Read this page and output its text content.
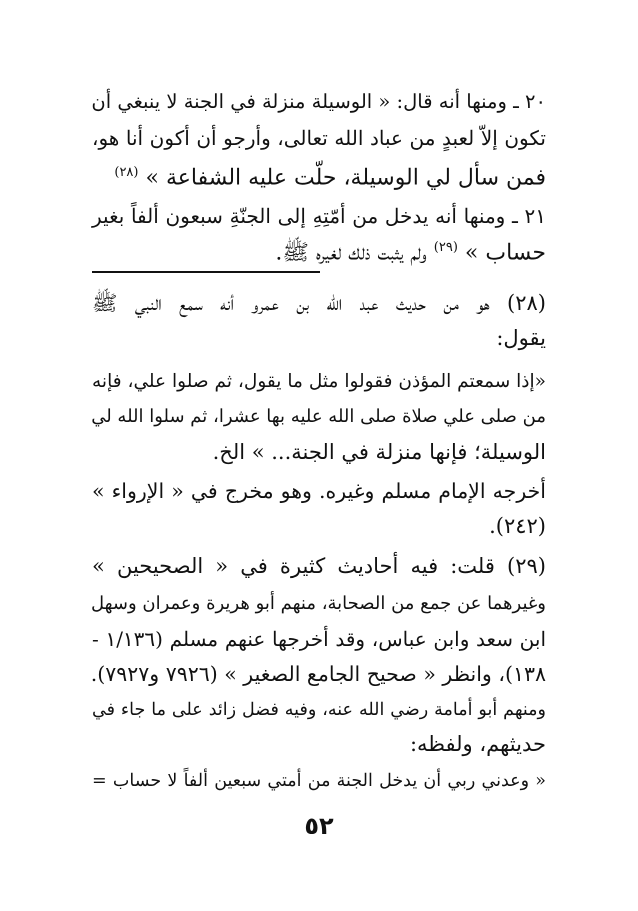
٢٠ ـ ومنها أنه قال: « الوسيلة منزلة في الجنة لا ينبغي أن
تكون إلاّ لعبدٍ من عباد الله تعالى، وأرجو أن أكون أنا هو،
فمن سأل لي الوسيلة، حلّت عليه الشفاعة » $^{(٢٨)}$
٢١ ـ ومنها أنه يدخل من أمّتِهِ إلى الجنّةِ سبعون ألفاً بغير
حساب » $^{(٢٩)}$ ولم يثبت ذلك لغيره ﷺ.
(٢٨) هو من حديث عبد الله بن عمرو أنه سمع النبي ﷺ
يقول:
«إذا سمعتم المؤذن فقولوا مثل ما يقول، ثم صلوا علي، فإنه
من صلى علي صلاة صلى الله عليه بها عشرا، ثم سلوا الله لي
الوسيلة؛ فإنها منزلة في الجنة... » الخ.
أخرجه الإمام مسلم وغيره. وهو مخرج في « الإرواء »
(٢٤٢).
(٢٩) قلت: فيه أحاديث كثيرة في « الصحيحين »
وغيرهما عن جمع من الصحابة، منهم أبو هريرة وعمران وسهل
ابن سعد وابن عباس، وقد أخرجها عنهم مسلم (١/١٣٦ -
١٣٨)، وانظر « صحيح الجامع الصغير » (٧٩٢٦ و٧٩٢٧).
ومنهم أبو أمامة رضي الله عنه، وفيه فضل زائد على ما جاء في
حديثهم، ولفظه:
« وعدني ربي أن يدخل الجنة من أمتي سبعين ألفاً لا حساب =
٥٢
